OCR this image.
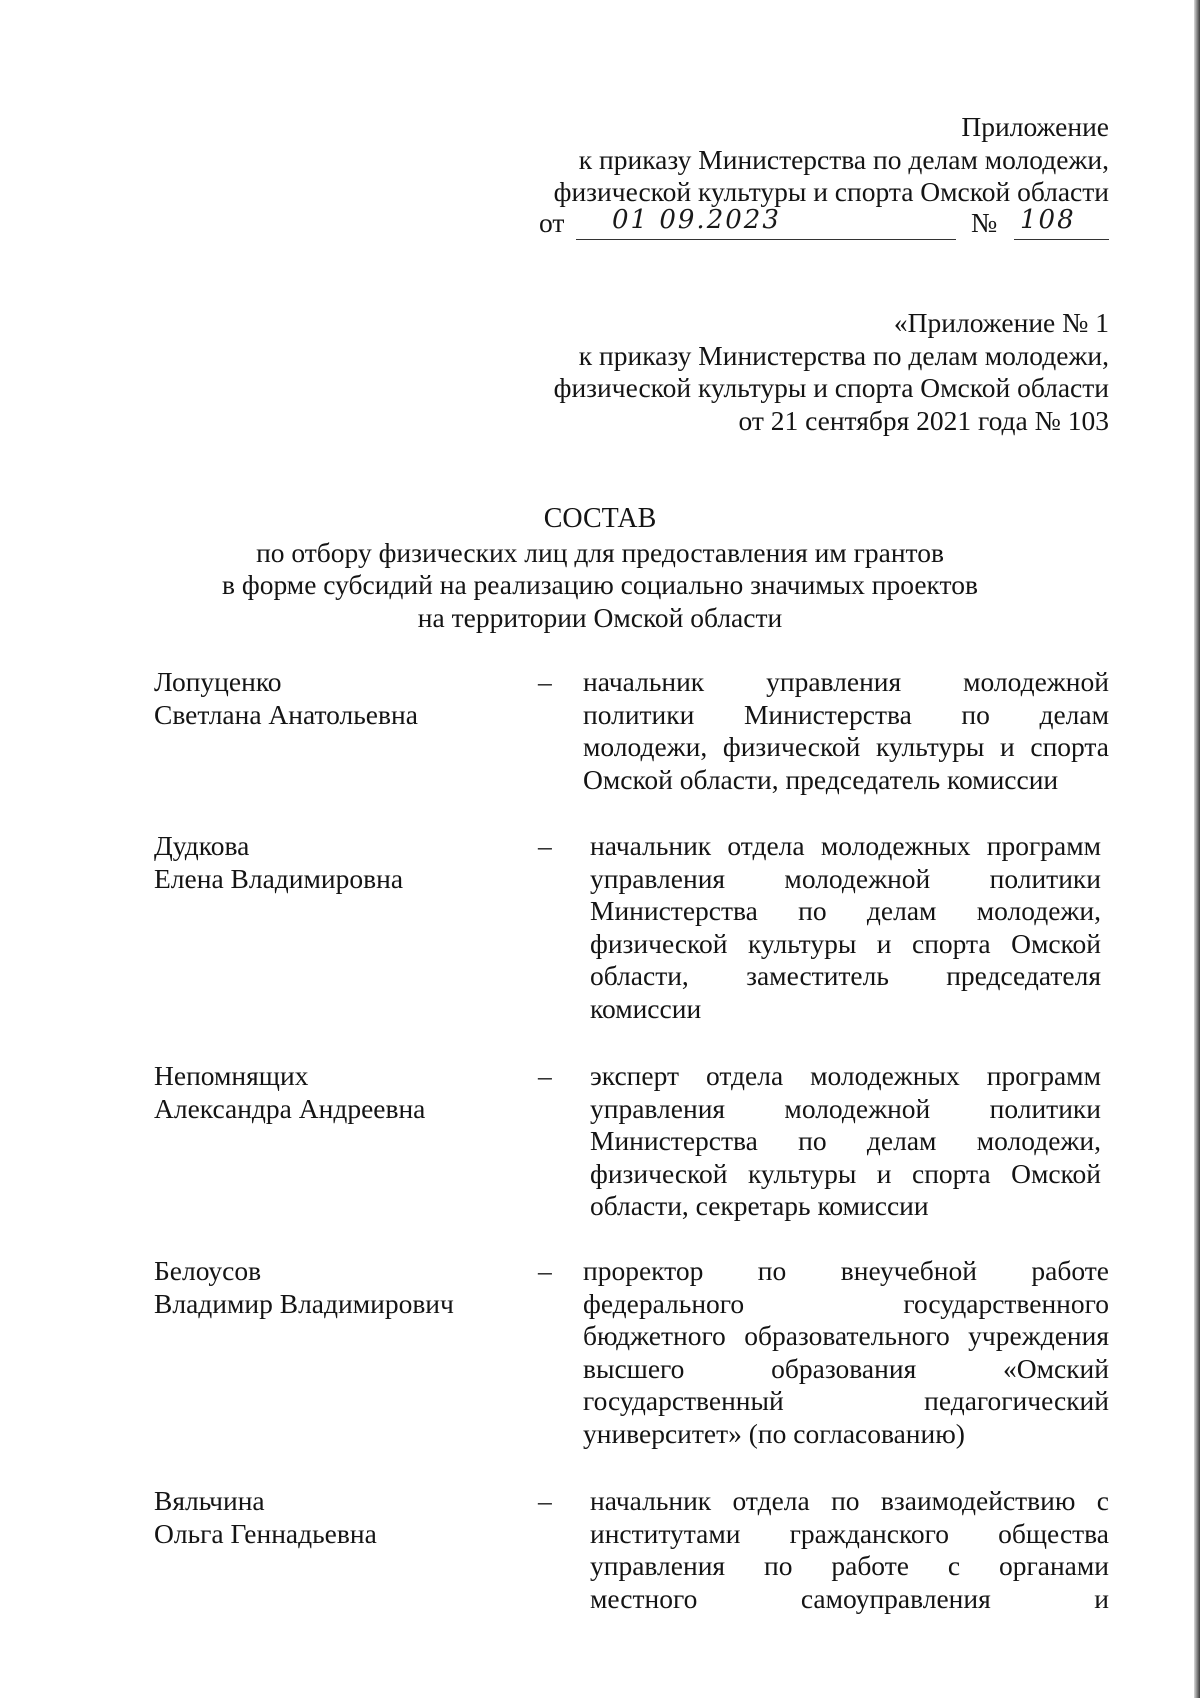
Приложение
к приказу Министерства по делам молодежи,
физической культуры и спорта Омской области
от 01 09.2023	№ 108
«Приложение № 1
к приказу Министерства по делам молодежи,
физической культуры и спорта Омской области
от 21 сентября 2021 года № 103
СОСТАВ
по отбору физических лиц для предоставления им грантов
в форме субсидий на реализацию социально значимых проектов
на территории Омской области
Лопуценко
Светлана Анатольевна
– начальник управления молодежной
политики Министерства по делам
молодежи, физической культуры и спорта
Омской области, председатель комиссии
Дудкова
Елена Владимировна
– начальник отдела молодежных программ
управления молодежной политики
Министерства по делам молодежи,
физической культуры и спорта Омской
области, заместитель председателя
комиссии
Непомнящих
Александра Андреевна
– эксперт отдела молодежных программ
управления молодежной политики
Министерства по делам молодежи,
физической культуры и спорта Омской
области, секретарь комиссии
Белоусов
Владимир Владимирович
– проректор по внеучебной работе
федерального государственного
бюджетного образовательного учреждения
высшего образования «Омский
государственный педагогический
университет» (по согласованию)
Вяльчина
Ольга Геннадьевна
– начальник отдела по взаимодействию с
институтами гражданского общества
управления по работе с органами
местного самоуправления и
